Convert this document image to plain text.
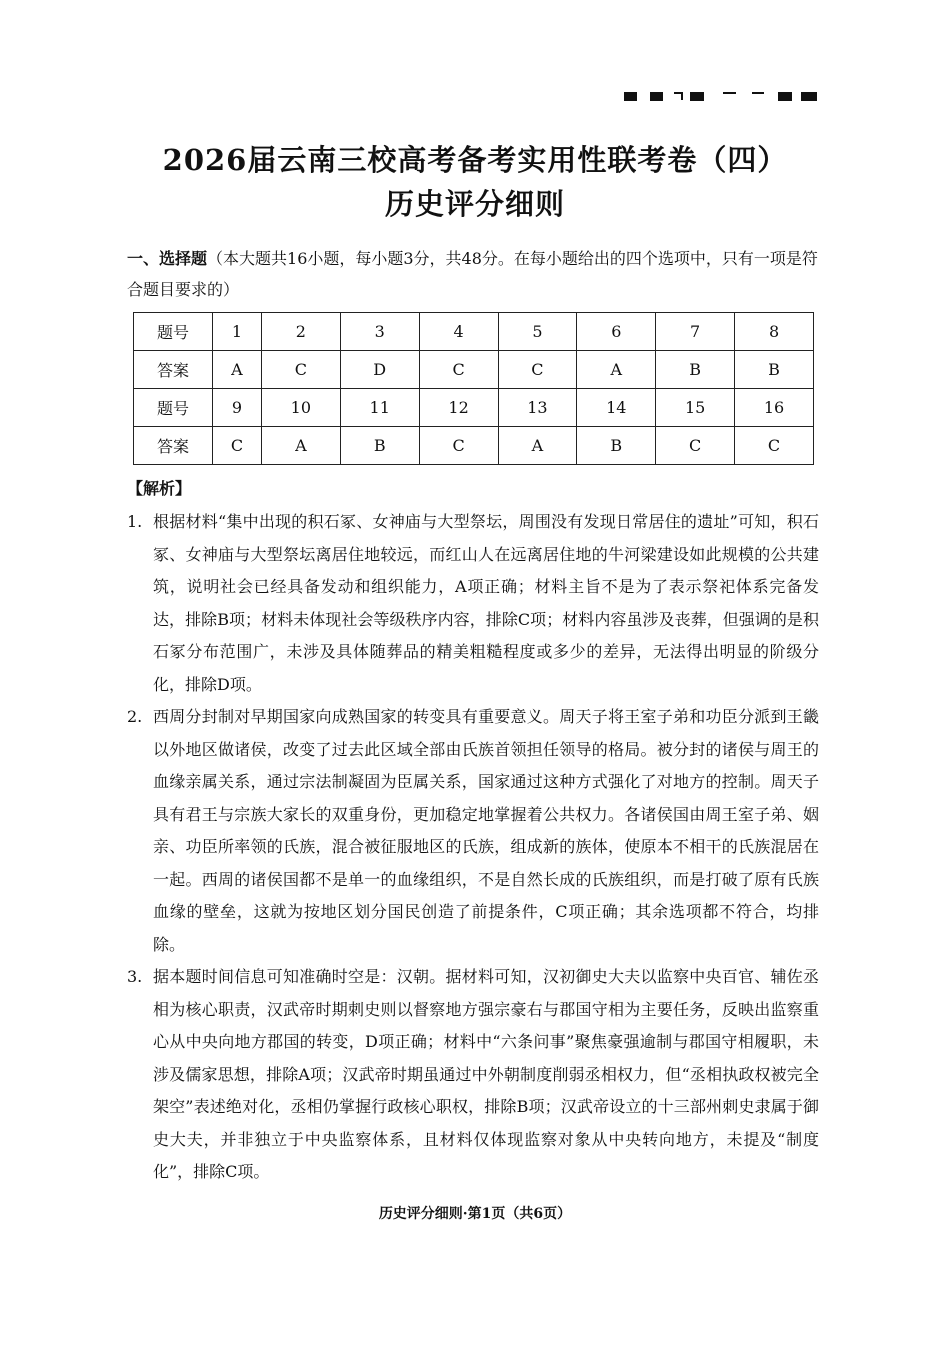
2026届云南三校高考备考实用性联考卷（四）
历史评分细则
一、选择题（本大题共16小题，每小题3分，共48分。在每小题给出的四个选项中，只有一项是符合题目要求的）
题号	1	2	3	4	5	6	7	8
答案	A	C	D	C	C	A	B	B
题号	9	10	11	12	13	14	15	16
答案	C	A	B	C	A	B	C	C
【解析】
1. 根据材料“集中出现的积石冢、女神庙与大型祭坛，周围没有发现日常居住的遗址”可知，积石冢、女神庙与大型祭坛离居住地较远，而红山人在远离居住地的牛河梁建设如此规模的公共建筑，说明社会已经具备发动和组织能力，A项正确；材料主旨不是为了表示祭祀体系完备发达，排除B项；材料未体现社会等级秩序内容，排除C项；材料内容虽涉及丧葬，但强调的是积石冢分布范围广，未涉及具体随葬品的精美粗糙程度或多少的差异，无法得出明显的阶级分化，排除D项。
2. 西周分封制对早期国家向成熟国家的转变具有重要意义。周天子将王室子弟和功臣分派到王畿以外地区做诸侯，改变了过去此区域全部由氏族首领担任领导的格局。被分封的诸侯与周王的血缘亲属关系，通过宗法制凝固为臣属关系，国家通过这种方式强化了对地方的控制。周天子具有君王与宗族大家长的双重身份，更加稳定地掌握着公共权力。各诸侯国由周王室子弟、姻亲、功臣所率领的氏族，混合被征服地区的氏族，组成新的族体，使原本不相干的氏族混居在一起。西周的诸侯国都不是单一的血缘组织，不是自然长成的氏族组织，而是打破了原有氏族血缘的壁垒，这就为按地区划分国民创造了前提条件，C项正确；其余选项都不符合，均排除。
3. 据本题时间信息可知准确时空是：汉朝。据材料可知，汉初御史大夫以监察中央百官、辅佐丞相为核心职责，汉武帝时期刺史则以督察地方强宗豪右与郡国守相为主要任务，反映出监察重心从中央向地方郡国的转变，D项正确；材料中“六条问事”聚焦豪强逾制与郡国守相履职，未涉及儒家思想，排除A项；汉武帝时期虽通过中外朝制度削弱丞相权力，但“丞相执政权被完全架空”表述绝对化，丞相仍掌握行政核心职权，排除B项；汉武帝设立的十三部州刺史隶属于御史大夫，并非独立于中央监察体系，且材料仅体现监察对象从中央转向地方，未提及“制度化”，排除C项。
历史评分细则·第1页（共6页）
